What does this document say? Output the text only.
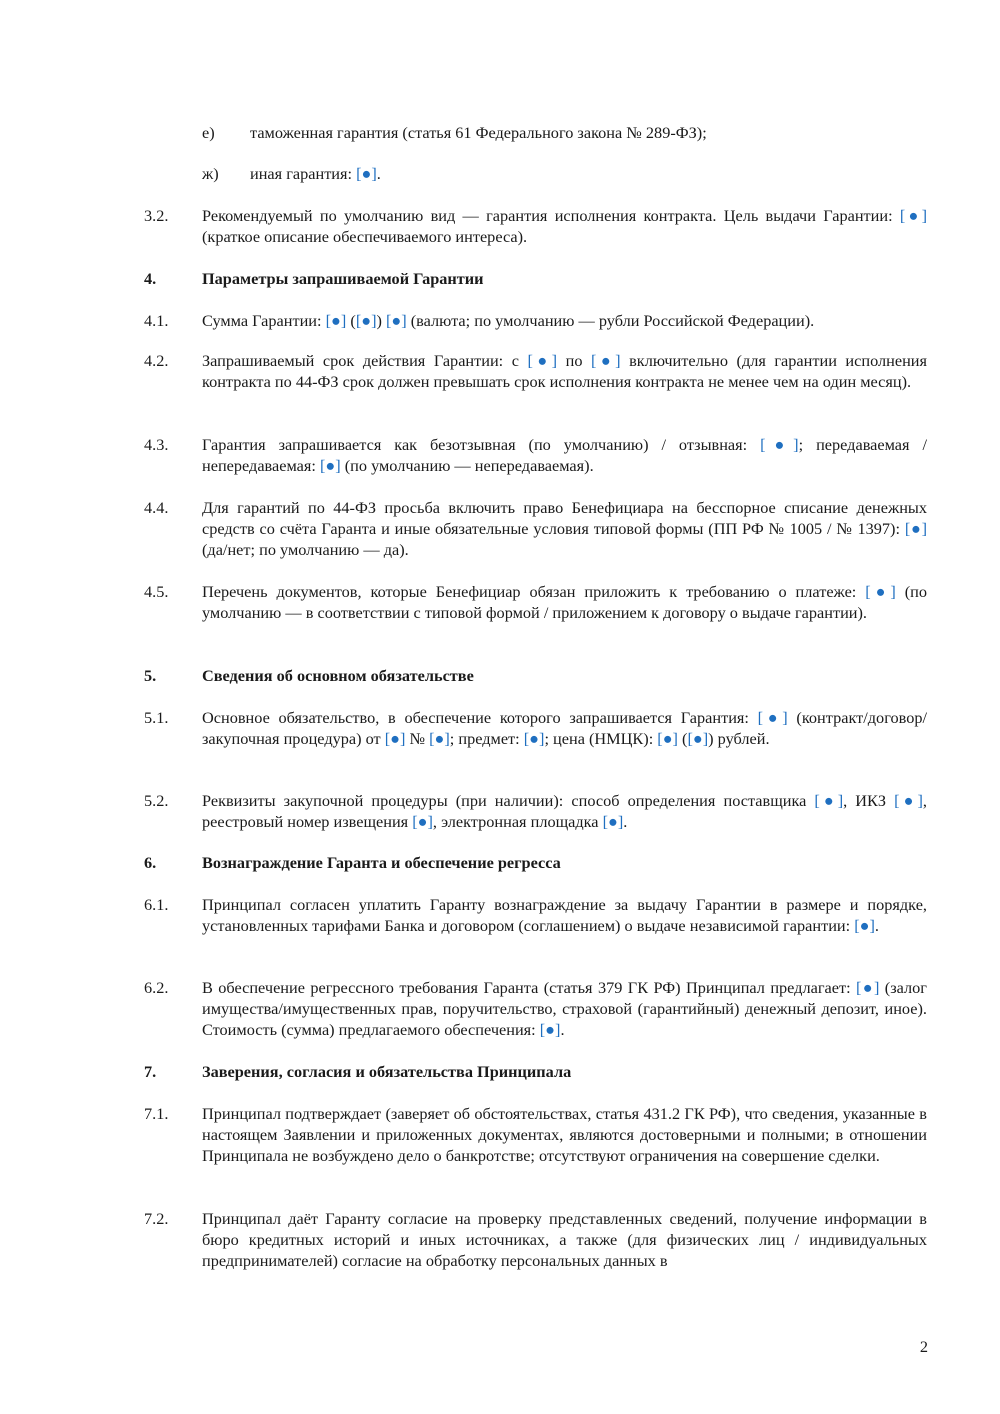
е) таможенная гарантия (статья 61 Федерального закона № 289-ФЗ);
ж) иная гарантия: [●].
3.2. Рекомендуемый по умолчанию вид — гарантия исполнения контракта. Цель выдачи Гарантии: [●] (краткое описание обеспечиваемого интереса).
4.	Параметры запрашиваемой Гарантии
4.1. Сумма Гарантии: [●] ([●]) [●] (валюта; по умолчанию — рубли Российской Федерации).
4.2. Запрашиваемый срок действия Гарантии: с [●] по [●] включительно (для гарантии исполнения контракта по 44-ФЗ срок должен превышать срок исполнения контракта не менее чем на один месяц).
4.3. Гарантия запрашивается как безотзывная (по умолчанию) / отзывная: [●]; передаваемая / непередаваемая: [●] (по умолчанию — непередаваемая).
4.4. Для гарантий по 44-ФЗ просьба включить право Бенефициара на бесспорное списание денежных средств со счёта Гаранта и иные обязательные условия типовой формы (ПП РФ № 1005 / № 1397): [●] (да/нет; по умолчанию — да).
4.5. Перечень документов, которые Бенефициар обязан приложить к требованию о платеже: [●] (по умолчанию — в соответствии с типовой формой / приложением к договору о выдаче гарантии).
5.	Сведения об основном обязательстве
5.1. Основное обязательство, в обеспечение которого запрашивается Гарантия: [●] (контракт/договор/закупочная процедура) от [●] № [●]; предмет: [●]; цена (НМЦК): [●] ([●]) рублей.
5.2. Реквизиты закупочной процедуры (при наличии): способ определения поставщика [●], ИКЗ [●], реестровый номер извещения [●], электронная площадка [●].
6.	Вознаграждение Гаранта и обеспечение регресса
6.1. Принципал согласен уплатить Гаранту вознаграждение за выдачу Гарантии в размере и порядке, установленных тарифами Банка и договором (соглашением) о выдаче независимой гарантии: [●].
6.2. В обеспечение регрессного требования Гаранта (статья 379 ГК РФ) Принципал предлагает: [●] (залог имущества/имущественных прав, поручительство, страховой (гарантийный) денежный депозит, иное). Стоимость (сумма) предлагаемого обеспечения: [●].
7.	Заверения, согласия и обязательства Принципала
7.1. Принципал подтверждает (заверяет об обстоятельствах, статья 431.2 ГК РФ), что сведения, указанные в настоящем Заявлении и приложенных документах, являются достоверными и полными; в отношении Принципала не возбуждено дело о банкротстве; отсутствуют ограничения на совершение сделки.
7.2. Принципал даёт Гаранту согласие на проверку представленных сведений, получение информации в бюро кредитных историй и иных источниках, а также (для физических лиц / индивидуальных предпринимателей) согласие на обработку персональных данных в
2
